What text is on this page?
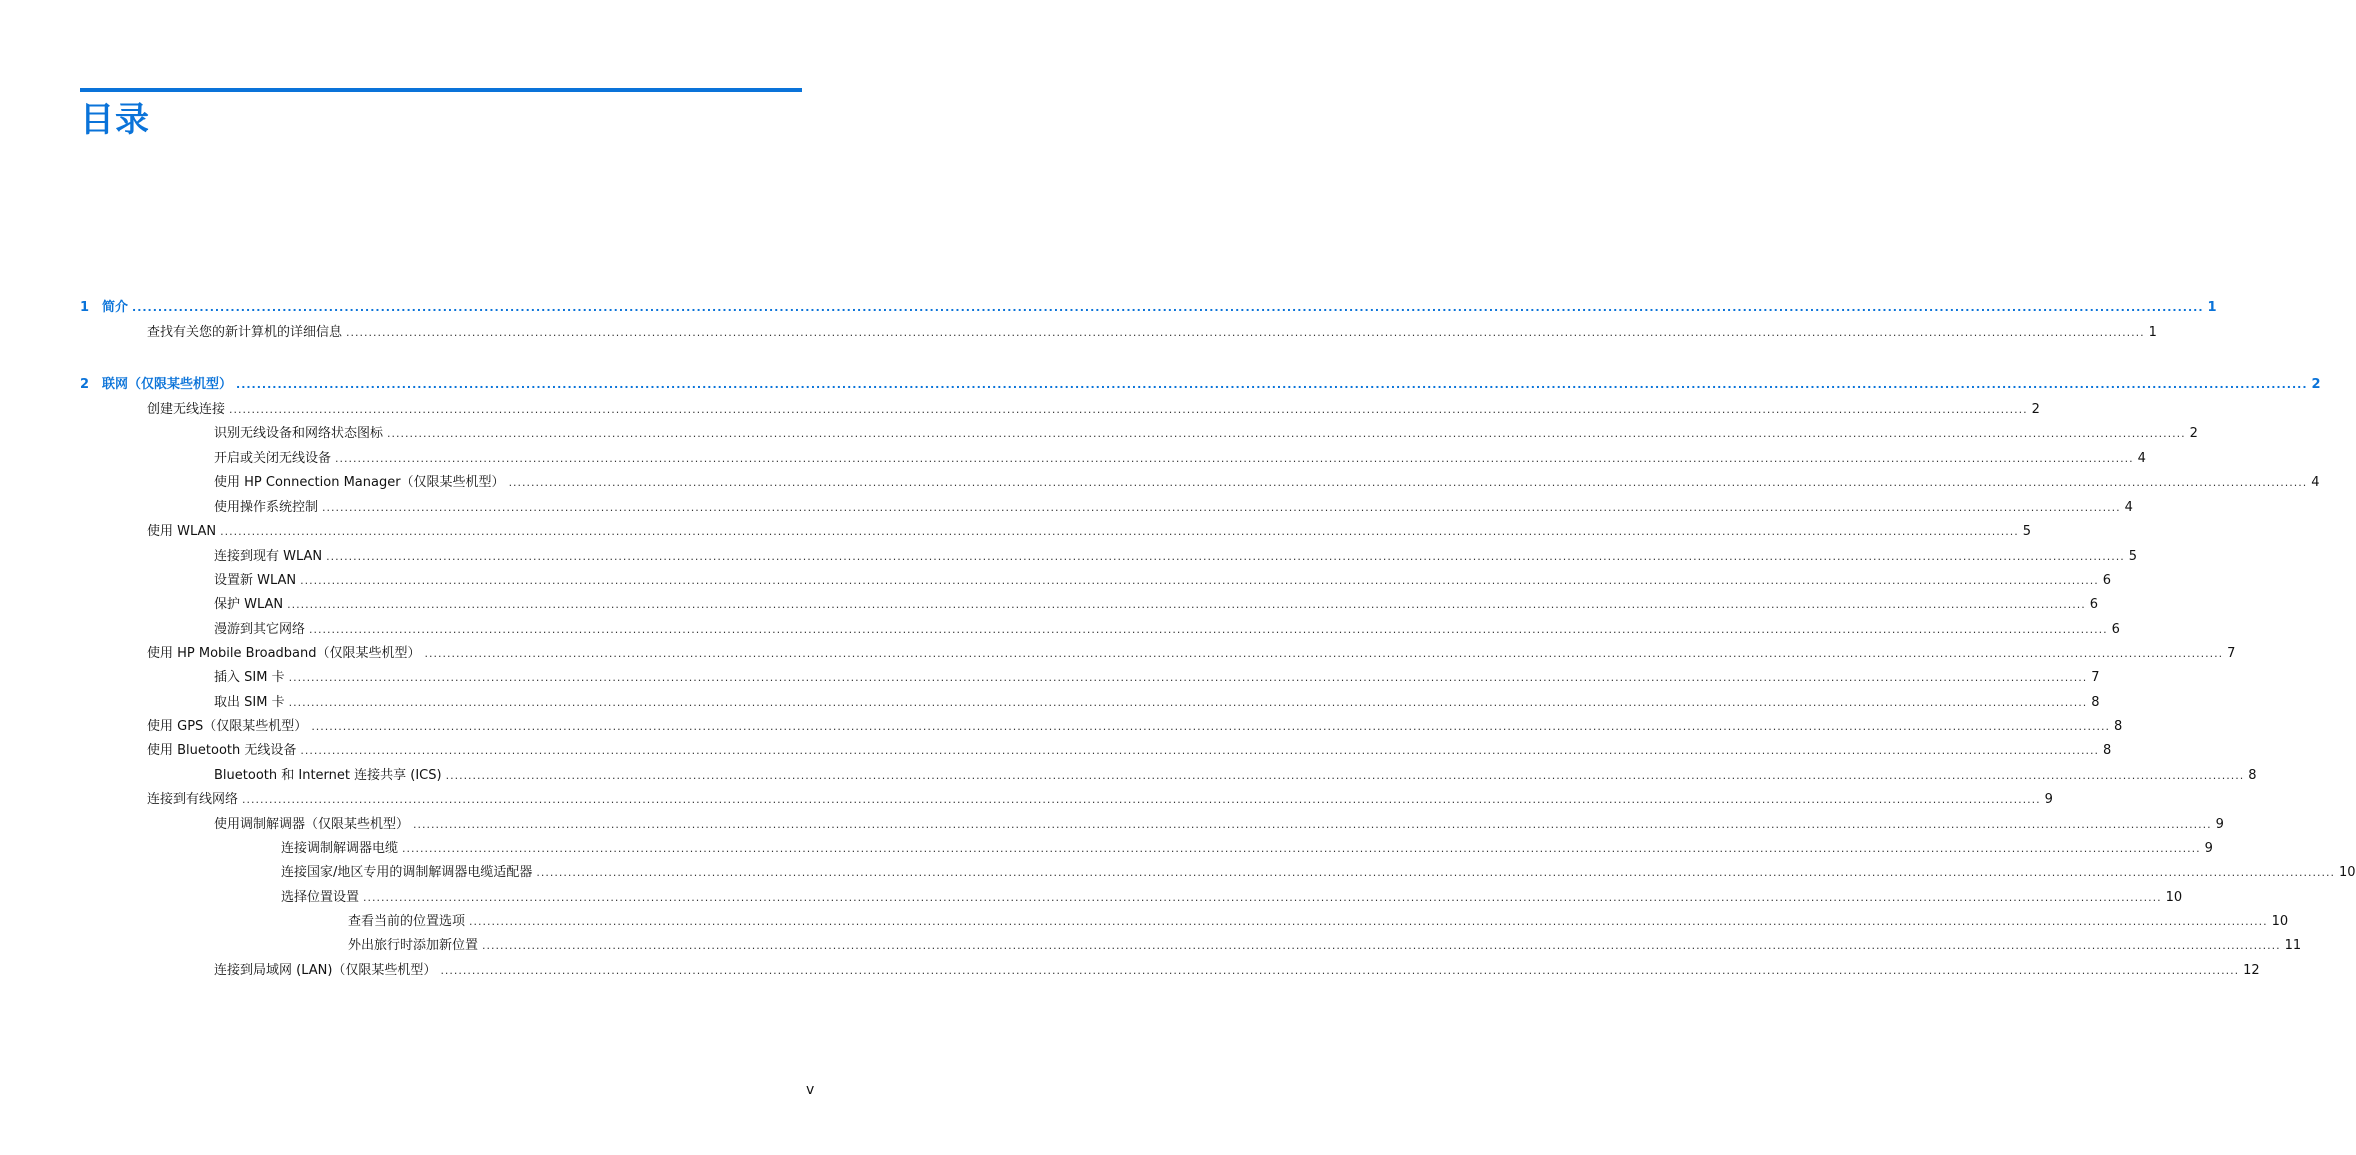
目录
1 简介 ................................................................................................................................................................................................................................................................................................................................................................................................................ 1
查找有关您的新计算机的详细信息 ................................................................................................................................................................................................................................................................................................................................................................................................................ 1
2 联网（仅限某些机型） ................................................................................................................................................................................................................................................................................................................................................................................................................ 2
创建无线连接 ................................................................................................................................................................................................................................................................................................................................................................................................................ 2
识别无线设备和网络状态图标 ................................................................................................................................................................................................................................................................................................................................................................................................................ 2
开启或关闭无线设备 ................................................................................................................................................................................................................................................................................................................................................................................................................ 4
使用 HP Connection Manager（仅限某些机型） ................................................................................................................................................................................................................................................................................................................................................................................................................ 4
使用操作系统控制 ................................................................................................................................................................................................................................................................................................................................................................................................................ 4
使用 WLAN ................................................................................................................................................................................................................................................................................................................................................................................................................ 5
连接到现有 WLAN ................................................................................................................................................................................................................................................................................................................................................................................................................ 5
设置新 WLAN ................................................................................................................................................................................................................................................................................................................................................................................................................ 6
保护 WLAN ................................................................................................................................................................................................................................................................................................................................................................................................................ 6
漫游到其它网络 ................................................................................................................................................................................................................................................................................................................................................................................................................ 6
使用 HP Mobile Broadband（仅限某些机型） ................................................................................................................................................................................................................................................................................................................................................................................................................ 7
插入 SIM 卡 ................................................................................................................................................................................................................................................................................................................................................................................................................ 7
取出 SIM 卡 ................................................................................................................................................................................................................................................................................................................................................................................................................ 8
使用 GPS（仅限某些机型） ................................................................................................................................................................................................................................................................................................................................................................................................................ 8
使用 Bluetooth 无线设备 ................................................................................................................................................................................................................................................................................................................................................................................................................ 8
Bluetooth 和 Internet 连接共享 (ICS) ................................................................................................................................................................................................................................................................................................................................................................................................................ 8
连接到有线网络 ................................................................................................................................................................................................................................................................................................................................................................................................................ 9
使用调制解调器（仅限某些机型） ................................................................................................................................................................................................................................................................................................................................................................................................................ 9
连接调制解调器电缆 ................................................................................................................................................................................................................................................................................................................................................................................................................ 9
连接国家/地区专用的调制解调器电缆适配器 ................................................................................................................................................................................................................................................................................................................................................................................................................ 10
选择位置设置 ................................................................................................................................................................................................................................................................................................................................................................................................................ 10
查看当前的位置选项 ................................................................................................................................................................................................................................................................................................................................................................................................................ 10
外出旅行时添加新位置 ................................................................................................................................................................................................................................................................................................................................................................................................................ 11
连接到局域网 (LAN)（仅限某些机型） ................................................................................................................................................................................................................................................................................................................................................................................................................ 12
v
